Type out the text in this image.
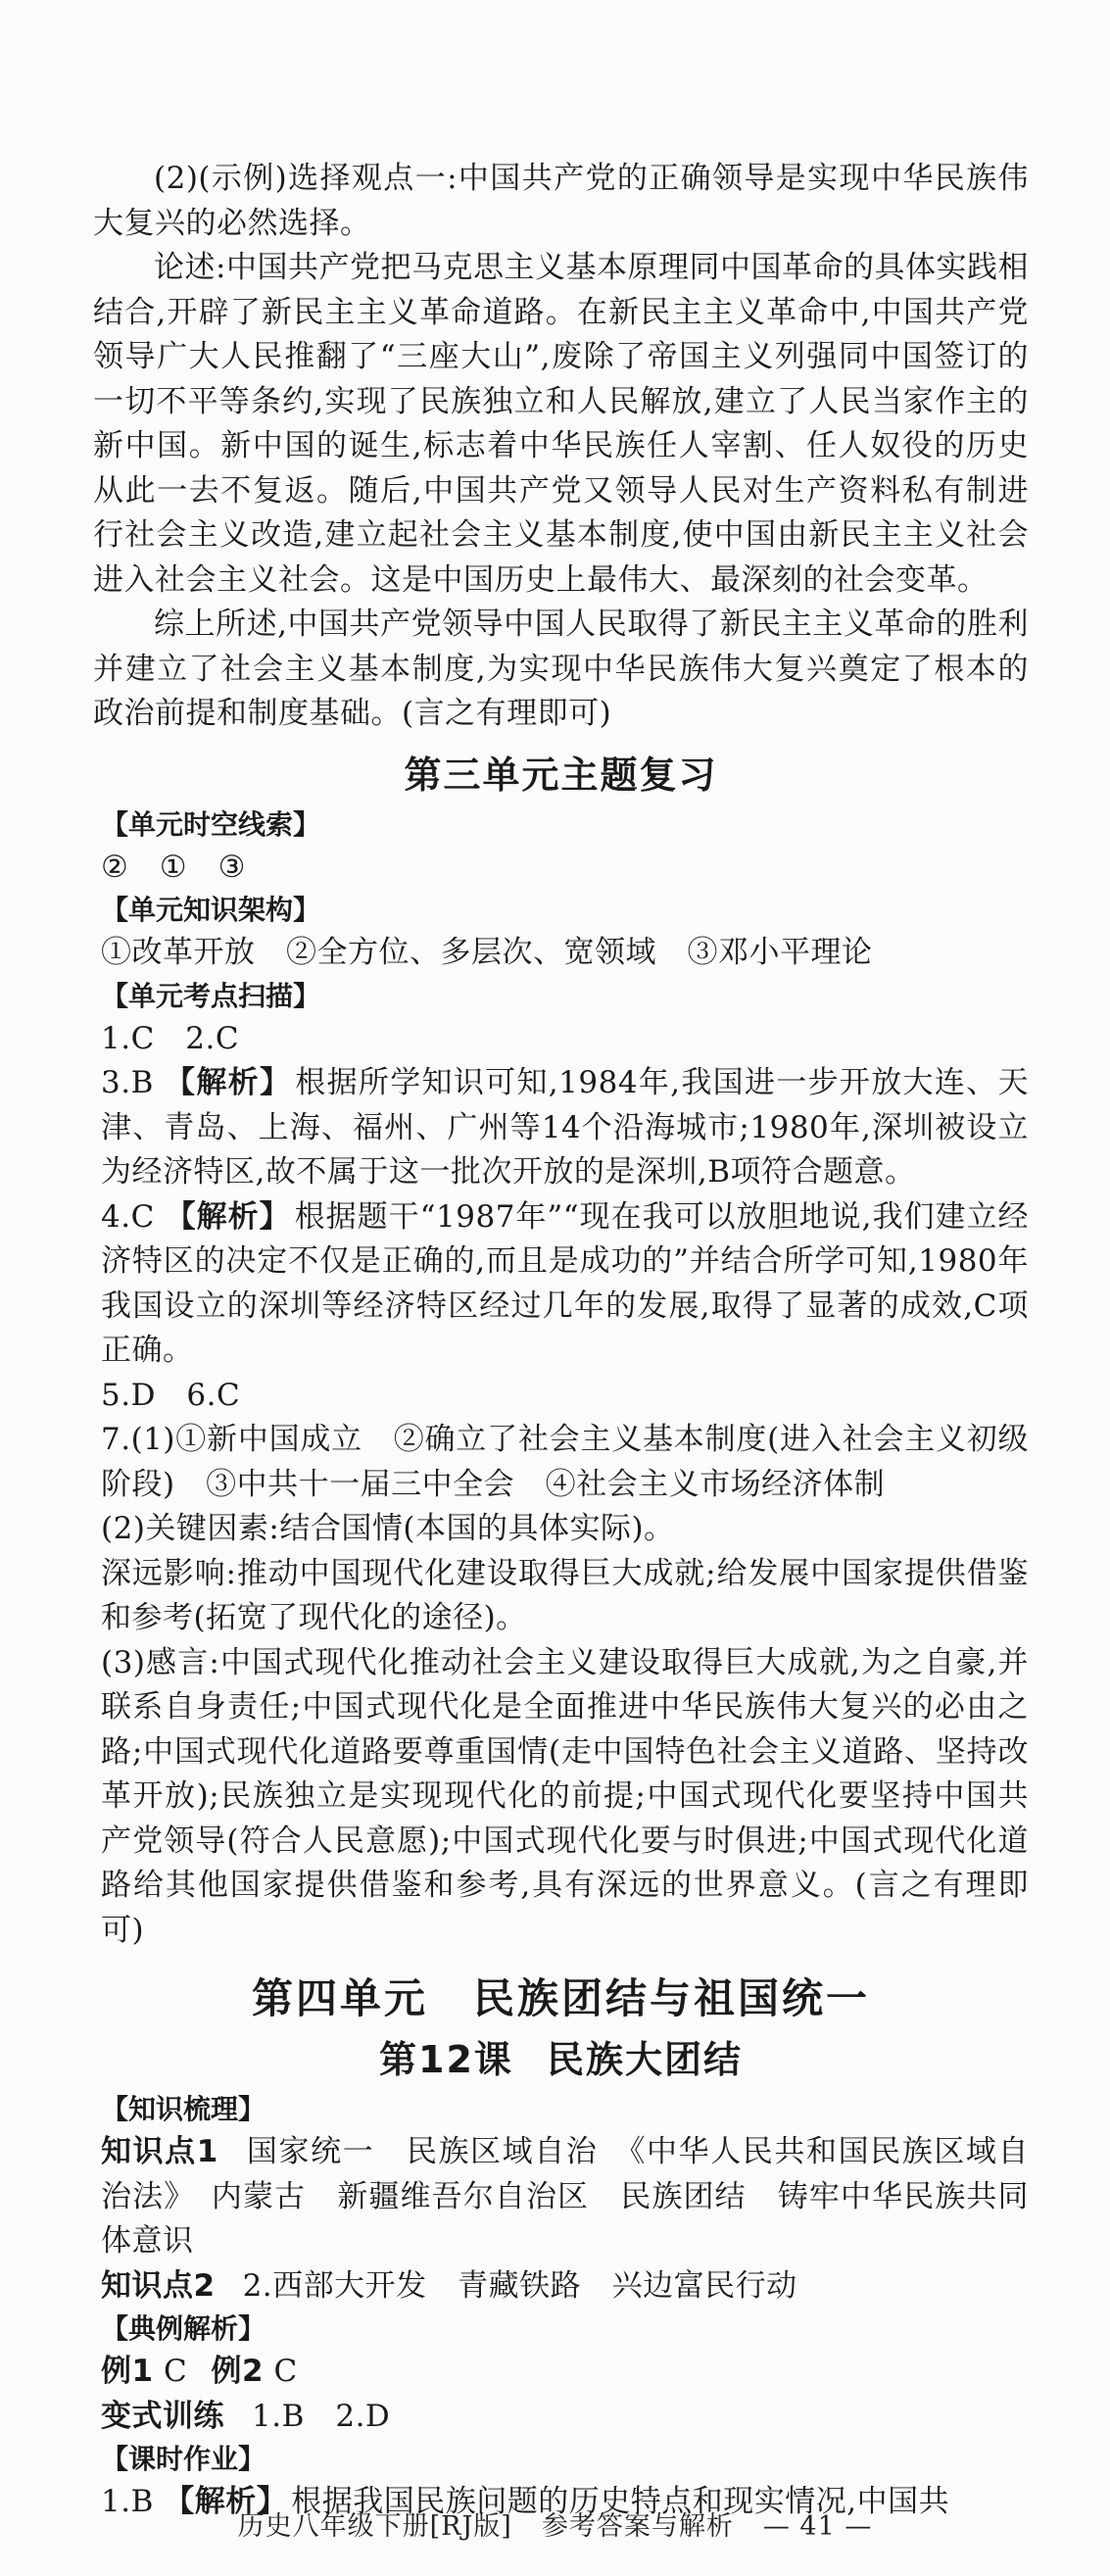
(2)(示例)选择观点一:中国共产党的正确领导是实现中华民族伟大复兴的必然选择。

论述:中国共产党把马克思主义基本原理同中国革命的具体实践相结合,开辟了新民主主义革命道路。在新民主主义革命中,中国共产党领导广大人民推翻了“三座大山”,废除了帝国主义列强同中国签订的一切不平等条约,实现了民族独立和人民解放,建立了人民当家作主的新中国。新中国的诞生,标志着中华民族任人宰割、任人奴役的历史从此一去不复返。随后,中国共产党又领导人民对生产资料私有制进行社会主义改造,建立起社会主义基本制度,使中国由新民主主义社会进入社会主义社会。这是中国历史上最伟大、最深刻的社会变革。

综上所述,中国共产党领导中国人民取得了新民主主义革命的胜利并建立了社会主义基本制度,为实现中华民族伟大复兴奠定了根本的政治前提和制度基础。(言之有理即可)

第三单元主题复习
【单元时空线索】

②　①　③

【单元知识架构】

①改革开放　②全方位、多层次、宽领域　③邓小平理论

【单元考点扫描】

1.C　2.C

3.B 【解析】 根据所学知识可知,1984年,我国进一步开放大连、天津、青岛、上海、福州、广州等14个沿海城市;1980年,深圳被设立为经济特区,故不属于这一批次开放的是深圳,B项符合题意。

4.C 【解析】 根据题干“1987年”“现在我可以放胆地说,我们建立经济特区的决定不仅是正确的,而且是成功的”并结合所学可知,1980年我国设立的深圳等经济特区经过几年的发展,取得了显著的成效,C项正确。

5.D　6.C

7.(1)①新中国成立　②确立了社会主义基本制度(进入社会主义初级阶段)　③中共十一届三中全会　④社会主义市场经济体制

(2)关键因素:结合国情(本国的具体实际)。

深远影响:推动中国现代化建设取得巨大成就;给发展中国家提供借鉴和参考(拓宽了现代化的途径)。

(3)感言:中国式现代化推动社会主义建设取得巨大成就,为之自豪,并联系自身责任;中国式现代化是全面推进中华民族伟大复兴的必由之路;中国式现代化道路要尊重国情(走中国特色社会主义道路、坚持改革开放);民族独立是实现现代化的前提;中国式现代化要坚持中国共产党领导(符合人民意愿);中国式现代化要与时俱进;中国式现代化道路给其他国家提供借鉴和参考,具有深远的世界意义。(言之有理即可)

第四单元 民族团结与祖国统一
第12课 民族大团结
【知识梳理】

知识点1 国家统一　民族区域自治　《中华人民共和国民族区域自治法》　内蒙古　新疆维吾尔自治区　民族团结　铸牢中华民族共同体意识

知识点2 2.西部大开发　青藏铁路　兴边富民行动

【典例解析】

例1 C 例2 C

变式训练 1.B　2.D

【课时作业】

1.B 【解析】 根据我国民族问题的历史特点和现实情况,中国共

历史八年级下册[RJ版] 参考答案与解析 — 41 —
